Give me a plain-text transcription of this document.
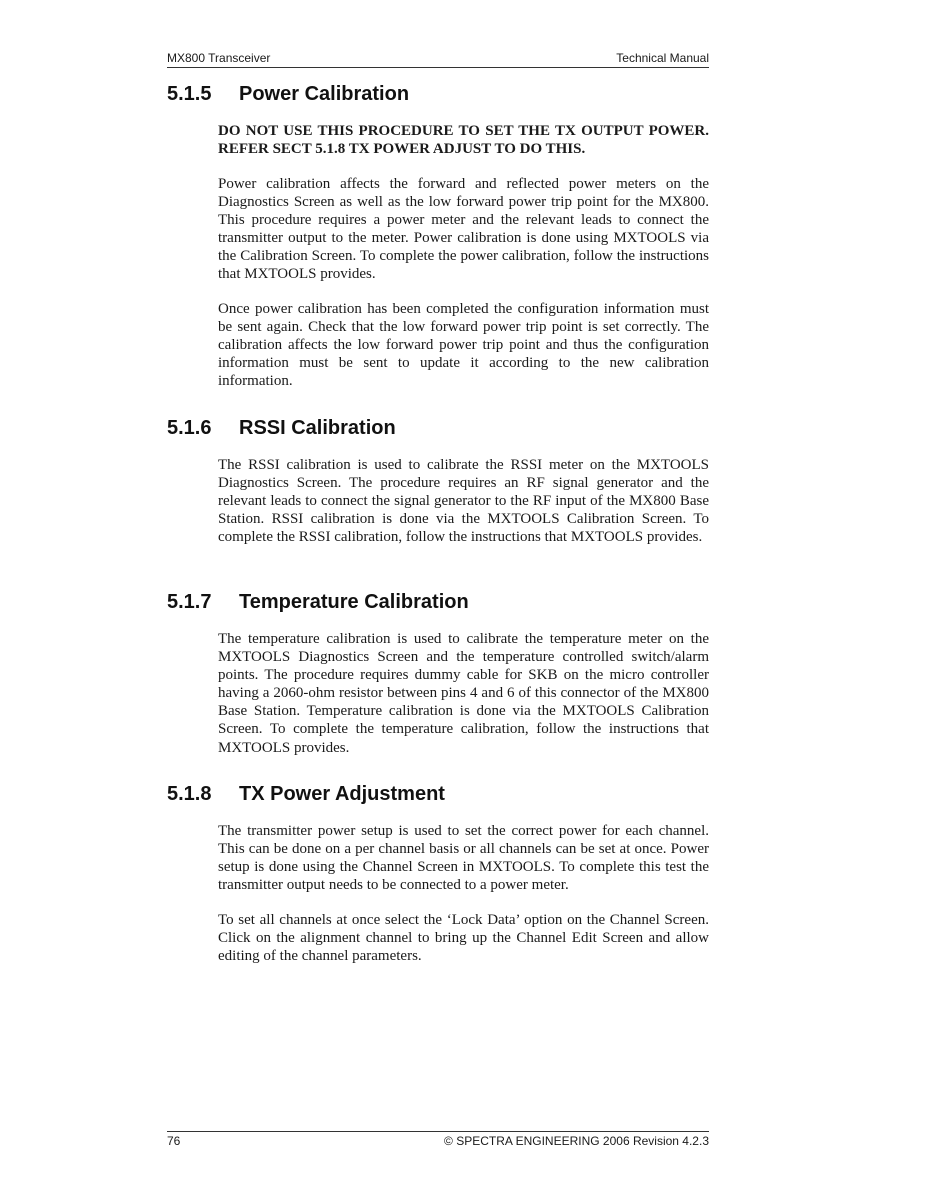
MX800 Transceiver	Technical Manual
5.1.5 Power Calibration

DO NOT USE THIS PROCEDURE TO SET THE TX OUTPUT POWER. REFER SECT 5.1.8 TX POWER ADJUST TO DO THIS.

Power calibration affects the forward and reflected power meters on the Diagnostics Screen as well as the low forward power trip point for the MX800. This procedure requires a power meter and the relevant leads to connect the transmitter output to the meter. Power calibration is done using MXTOOLS via the Calibration Screen. To complete the power calibration, follow the instructions that MXTOOLS provides.

Once power calibration has been completed the configuration information must be sent again. Check that the low forward power trip point is set correctly. The calibration affects the low forward power trip point and thus the configuration information must be sent to update it according to the new calibration information.

5.1.6 RSSI Calibration

The RSSI calibration is used to calibrate the RSSI meter on the MXTOOLS Diagnostics Screen. The procedure requires an RF signal generator and the relevant leads to connect the signal generator to the RF input of the MX800 Base Station. RSSI calibration is done via the MXTOOLS Calibration Screen. To complete the RSSI calibration, follow the instructions that MXTOOLS provides.

5.1.7 Temperature Calibration

The temperature calibration is used to calibrate the temperature meter on the MXTOOLS Diagnostics Screen and the temperature controlled switch/alarm points. The procedure requires dummy cable for SKB on the micro controller having a 2060-ohm resistor between pins 4 and 6 of this connector of the MX800 Base Station. Temperature calibration is done via the MXTOOLS Calibration Screen. To complete the temperature calibration, follow the instructions that MXTOOLS provides.

5.1.8 TX Power Adjustment

The transmitter power setup is used to set the correct power for each channel. This can be done on a per channel basis or all channels can be set at once. Power setup is done using the Channel Screen in MXTOOLS. To complete this test the transmitter output needs to be connected to a power meter.

To set all channels at once select the ‘Lock Data’ option on the Channel Screen. Click on the alignment channel to bring up the Channel Edit Screen and allow editing of the channel parameters.

76	© SPECTRA ENGINEERING 2006 Revision 4.2.3
